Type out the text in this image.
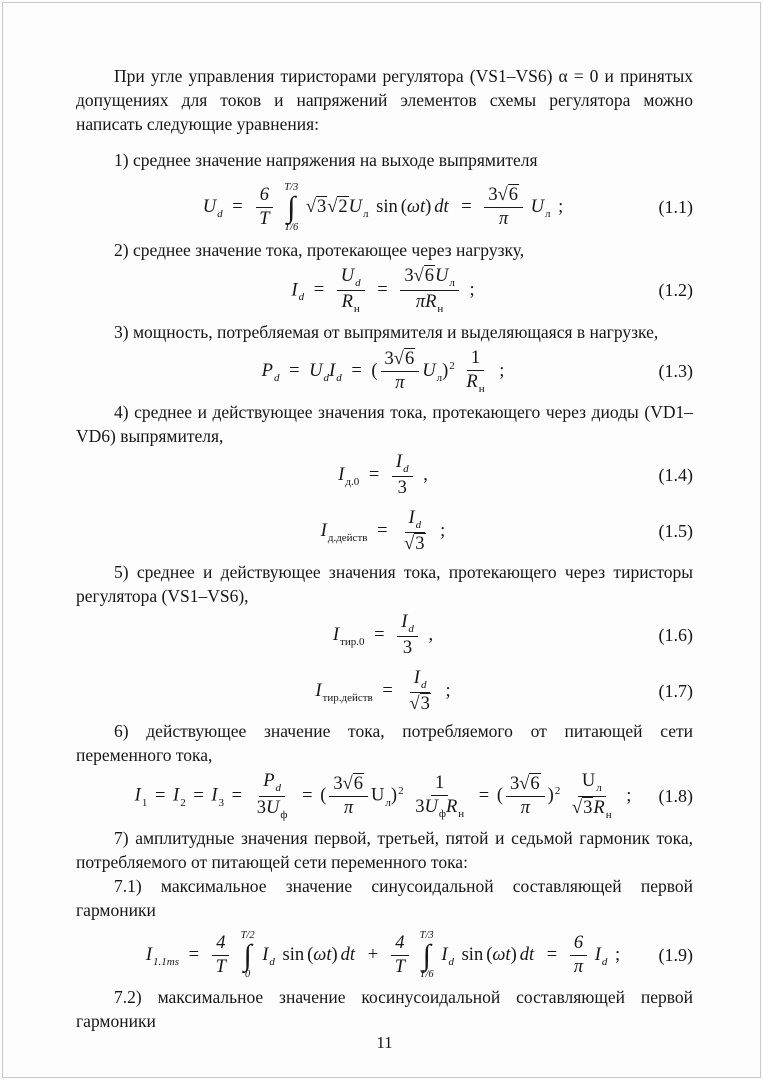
При угле управления тиристорами регулятора (VS1–VS6) α = 0 и принятых допущениях для токов и напряжений элементов схемы регулятора можно написать следующие уравнения:

1) среднее значение напряжения на выходе выпрямителя

$U_d = \frac{6}{T}$
T/3
∫
T/6
$√3√2U_л$ sin (ωt) dt = $\frac{3√6}{\pi} U_л$ ;	(1.1)

2) среднее значение тока, протекающее через нагрузку,

$I_d = \frac{U_d}{R_н} = \frac{3√6U_л}{\pi R_н}$ ;	(1.2)

3) мощность, потребляемая от выпрямителя и выделяющаяся в нагрузке,

$P_d = U_dI_d$ = ( $\frac{3√6}{\pi} U_л)^2 \frac{1}{R_н}$ ;	(1.3)

4) среднее и действующее значения тока, протекающего через диоды (VD1–VD6) выпрямителя,

$I_{д.0} = \frac{I_d}{3}$ ,	(1.4)
$I_{д.действ} = \frac{I_d}{√3}$ ;	(1.5)

5) среднее и действующее значения тока, протекающего через тиристоры регулятора (VS1–VS6),

$I_{тир.0} = \frac{I_d}{3}$ ,	(1.6)
$I_{тир.действ} = \frac{I_d}{√3}$ ;	(1.7)

6) действующее значение тока, потребляемого от питающей сети переменного тока,

$I_1 = I_2 = I_3 = \frac{P_d}{3U_ф}$ = ( $\frac{3√6}{\pi} U_л)^2 \frac{1}{3U_фR_н}$ = ( $\frac{3√6}{\pi} )^2 \frac{U_л}{√3R_н}$ ; (1.8)

7) амплитудные значения первой, третьей, пятой и седьмой гармоник тока, потребляемого от питающей сети переменного тока:

7.1) максимальное значение синусоидальной составляющей первой гармоники

$I_{1.1ms} = \frac{4}{T}$
T/2
∫
0
$I_d$ sin (ωt) dt + $\frac{4}{T}$
T/3
∫
T/6
$I_d$ sin (ωt) dt = $\frac{6}{\pi} I_d$ ; (1.9)

7.2) максимальное значение косинусоидальной составляющей первой гармоники

11
